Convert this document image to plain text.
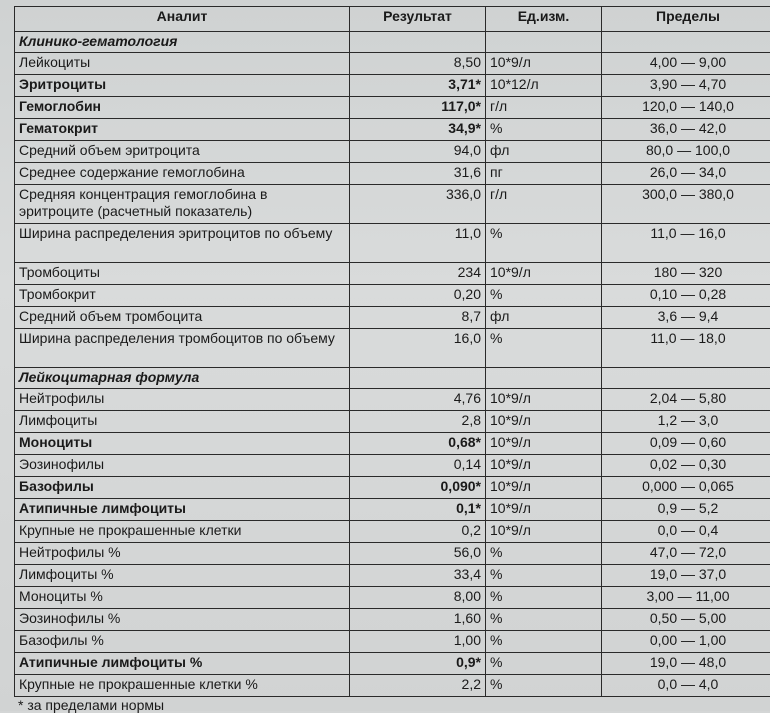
Аналит	Результат	Ед.изм.	Пределы
Клинико-гематология			
Лейкоциты	8,50	10*9/л	4,00 — 9,00
Эритроциты	3,71*	10*12/л	3,90 — 4,70
Гемоглобин	117,0*	г/л	120,0 — 140,0
Гематокрит	34,9*	%	36,0 — 42,0
Средний объем эритроцита	94,0	фл	80,0 — 100,0
Среднее содержание гемоглобина	31,6	пг	26,0 — 34,0
Средняя концентрация гемоглобина в эритроците (расчетный показатель)	336,0	г/л	300,0 — 380,0
Ширина распределения эритроцитов по объему	11,0	%	11,0 — 16,0
Тромбоциты	234	10*9/л	180 — 320
Тромбокрит	0,20	%	0,10 — 0,28
Средний объем тромбоцита	8,7	фл	3,6 — 9,4
Ширина распределения тромбоцитов по объему	16,0	%	11,0 — 18,0
Лейкоцитарная формула			
Нейтрофилы	4,76	10*9/л	2,04 — 5,80
Лимфоциты	2,8	10*9/л	1,2 — 3,0
Моноциты	0,68*	10*9/л	0,09 — 0,60
Эозинофилы	0,14	10*9/л	0,02 — 0,30
Базофилы	0,090*	10*9/л	0,000 — 0,065
Атипичные лимфоциты	0,1*	10*9/л	0,9 — 5,2
Крупные не прокрашенные клетки	0,2	10*9/л	0,0 — 0,4
Нейтрофилы %	56,0	%	47,0 — 72,0
Лимфоциты %	33,4	%	19,0 — 37,0
Моноциты %	8,00	%	3,00 — 11,00
Эозинофилы %	1,60	%	0,50 — 5,00
Базофилы %	1,00	%	0,00 — 1,00
Атипичные лимфоциты %	0,9*	%	19,0 — 48,0
Крупные не прокрашенные клетки %	2,2	%	0,0 — 4,0
* за пределами нормы
